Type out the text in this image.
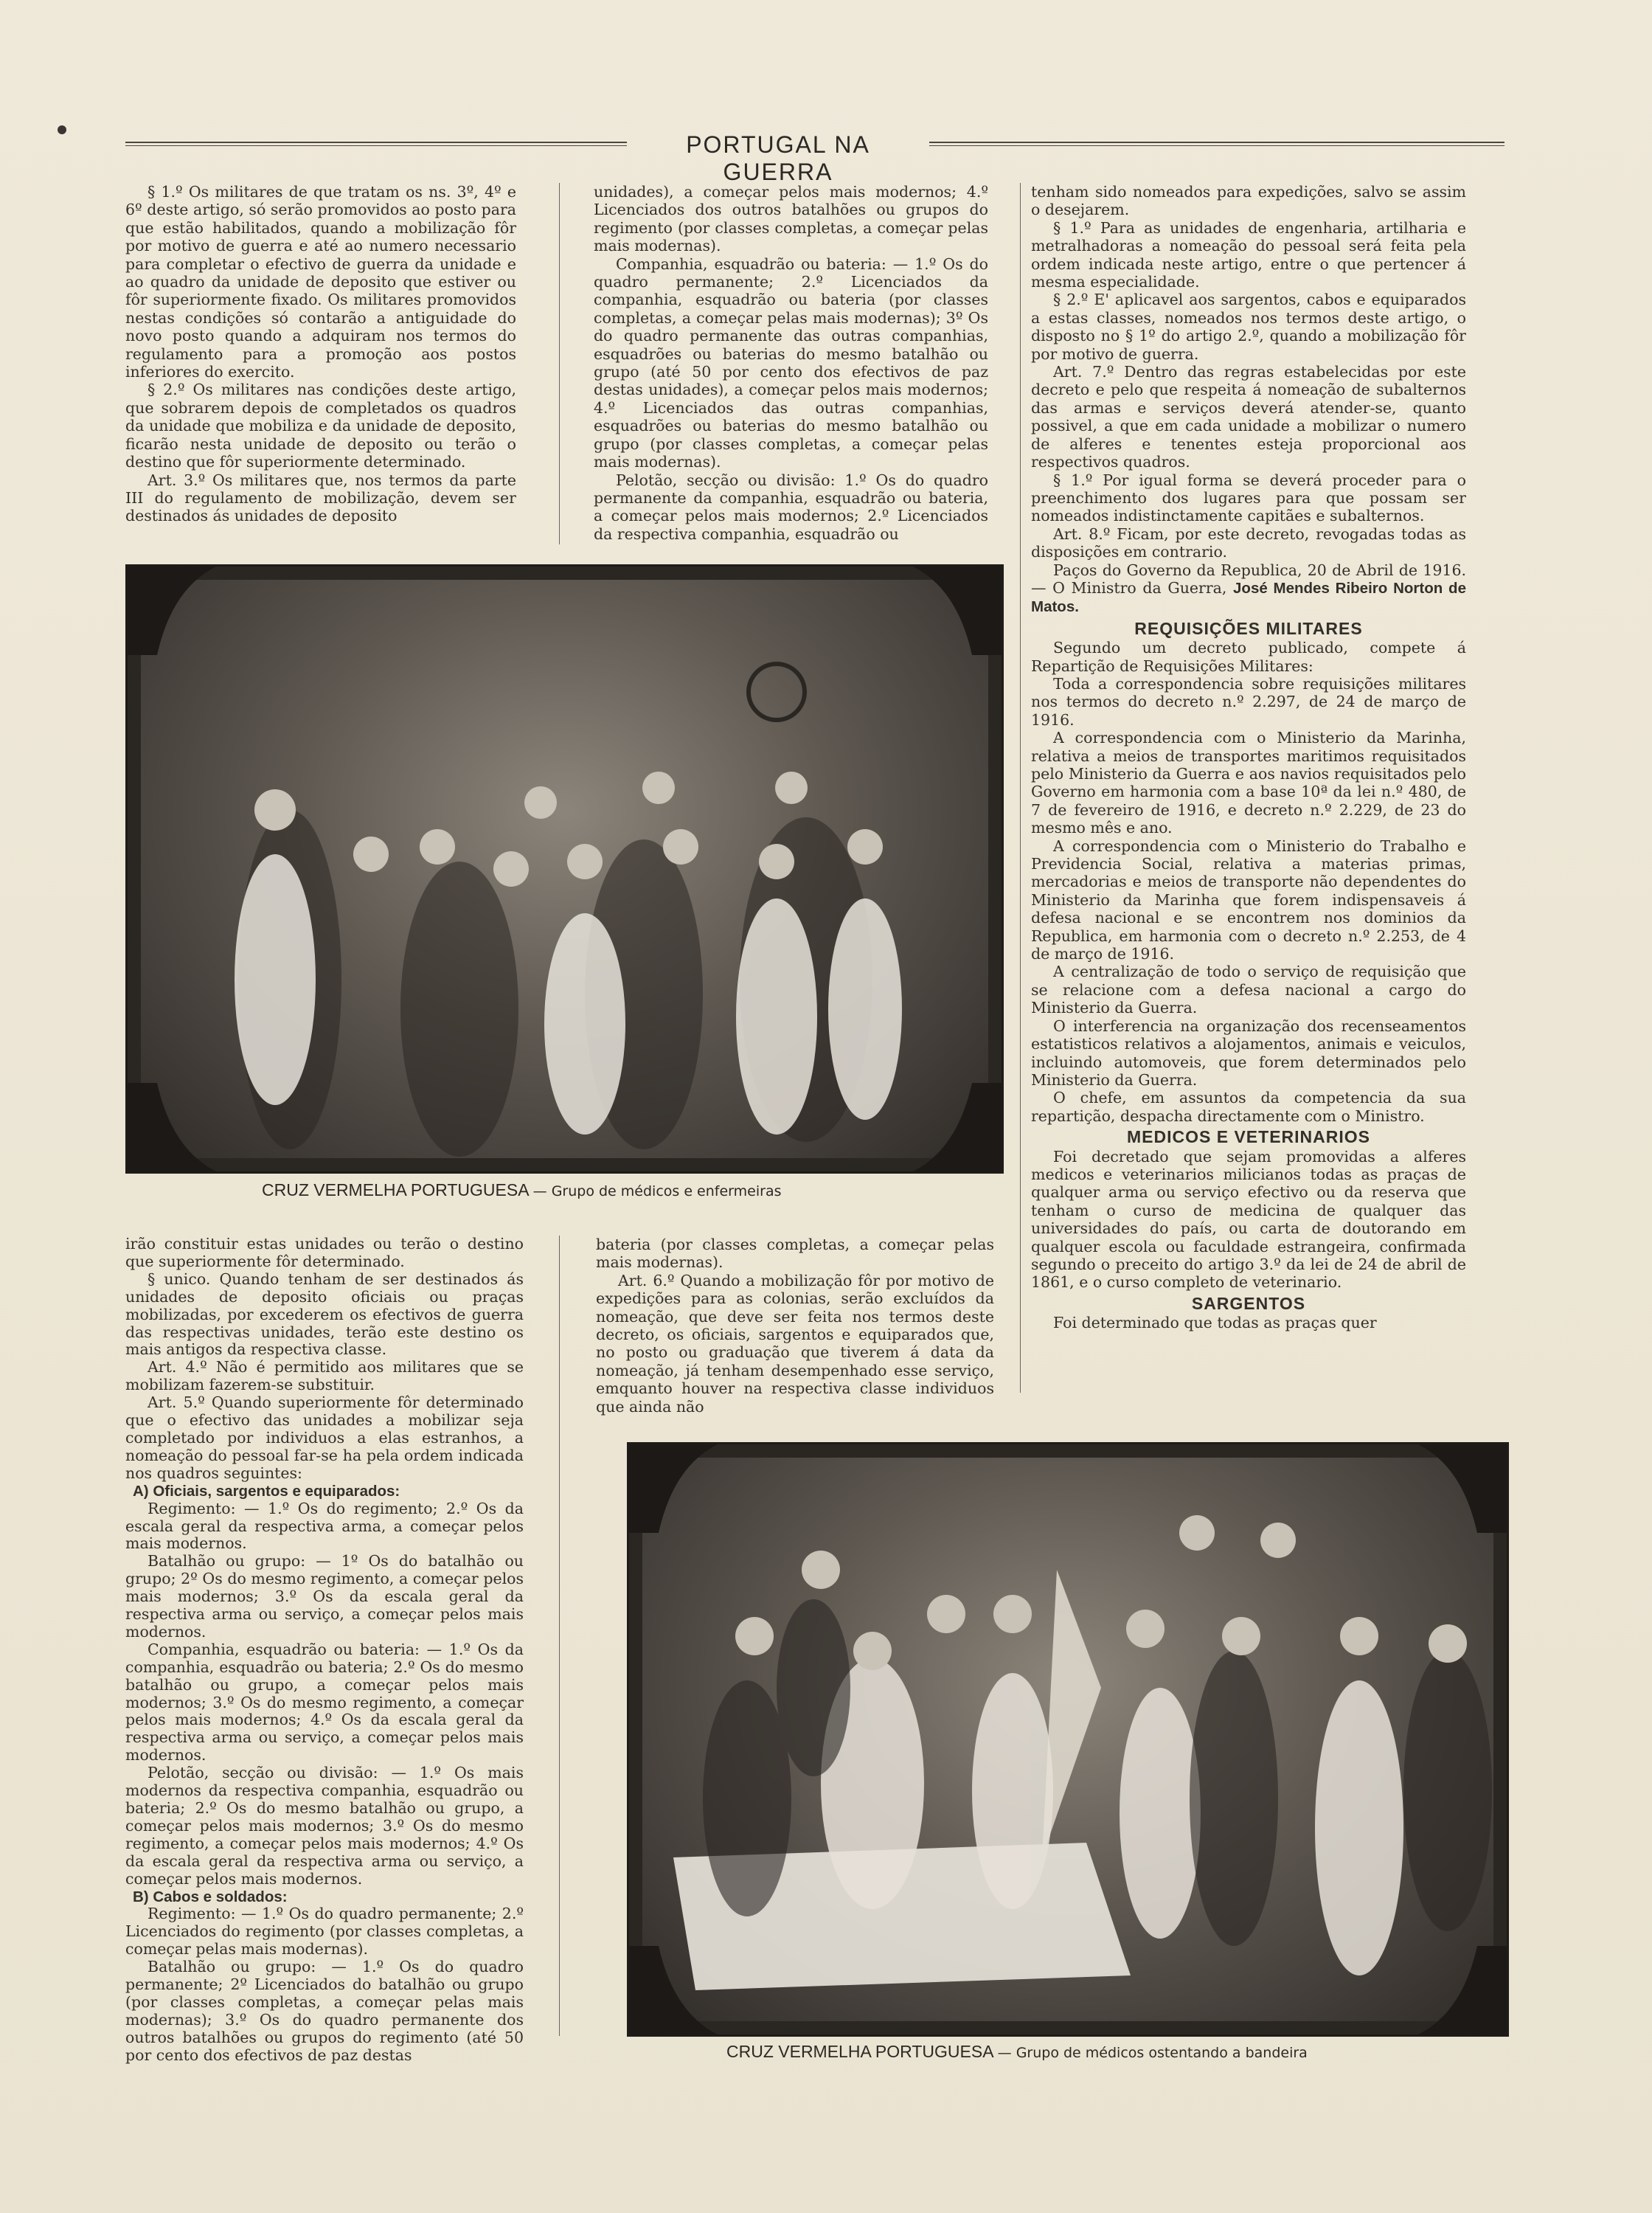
PORTUGAL NA GUERRA

§ 1.º Os militares de que tratam os ns. 3º, 4º e 6º deste artigo, só serão promovidos ao posto para que estão habilitados, quando a mobilização fôr por motivo de guerra e até ao numero necessario para completar o efectivo de guerra da unidade e ao quadro da unidade de deposito que estiver ou fôr superiormente fixado. Os militares promovidos nestas condições só contarão a antiguidade do novo posto quando a adquiram nos termos do regulamento para a promoção aos postos inferiores do exercito.

§ 2.º Os militares nas condições deste artigo, que sobrarem depois de completados os quadros da unidade que mobiliza e da unidade de deposito, ficarão nesta unidade de deposito ou terão o destino que fôr superiormente determinado.

Art. 3.º Os militares que, nos termos da parte III do regulamento de mobilização, devem ser destinados ás unidades de deposito

unidades), a começar pelos mais modernos; 4.º Licenciados dos outros batalhões ou grupos do regimento (por classes completas, a começar pelas mais modernas).

Companhia, esquadrão ou bateria: — 1.º Os do quadro permanente; 2.º Licenciados da companhia, esquadrão ou bateria (por classes completas, a começar pelas mais modernas); 3º Os do quadro permanente das outras companhias, esquadrões ou baterias do mesmo batalhão ou grupo (até 50 por cento dos efectivos de paz destas unidades), a começar pelos mais modernos; 4.º Licenciados das outras companhias, esquadrões ou baterias do mesmo batalhão ou grupo (por classes completas, a começar pelas mais modernas).

Pelotão, secção ou divisão: 1.º Os do quadro permanente da companhia, esquadrão ou bateria, a começar pelos mais modernos; 2.º Licenciados da respectiva companhia, esquadrão ou

tenham sido nomeados para expedições, salvo se assim o desejarem.

§ 1.º Para as unidades de engenharia, artilharia e metralhadoras a nomeação do pessoal será feita pela ordem indicada neste artigo, entre o que pertencer á mesma especialidade.

§ 2.º E' aplicavel aos sargentos, cabos e equiparados a estas classes, nomeados nos termos deste artigo, o disposto no § 1º do artigo 2.º, quando a mobilização fôr por motivo de guerra.

Art. 7.º Dentro das regras estabelecidas por este decreto e pelo que respeita á nomeação de subalternos das armas e serviços deverá atender-se, quanto possivel, a que em cada unidade a mobilizar o numero de alferes e tenentes esteja proporcional aos respectivos quadros.

§ 1.º Por igual forma se deverá proceder para o preenchimento dos lugares para que possam ser nomeados indistinctamente capitães e subalternos.

Art. 8.º Ficam, por este decreto, revogadas todas as disposições em contrario.

Paços do Governo da Republica, 20 de Abril de 1916. — O Ministro da Guerra, José Mendes Ribeiro Norton de Matos.

REQUISIÇÕES MILITARES

Segundo um decreto publicado, compete á Repartição de Requisições Militares:

Toda a correspondencia sobre requisições militares nos termos do decreto n.º 2.297, de 24 de março de 1916.

A correspondencia com o Ministerio da Marinha, relativa a meios de transportes maritimos requisitados pelo Ministerio da Guerra e aos navios requisitados pelo Governo em harmonia com a base 10ª da lei n.º 480, de 7 de fevereiro de 1916, e decreto n.º 2.229, de 23 do mesmo mês e ano.

A correspondencia com o Ministerio do Trabalho e Previdencia Social, relativa a materias primas, mercadorias e meios de transporte não dependentes do Ministerio da Marinha que forem indispensaveis á defesa nacional e se encontrem nos dominios da Republica, em harmonia com o decreto n.º 2.253, de 4 de março de 1916.

A centralização de todo o serviço de requisição que se relacione com a defesa nacional a cargo do Ministerio da Guerra.

O interferencia na organização dos recenseamentos estatisticos relativos a alojamentos, animais e veiculos, incluindo automoveis, que forem determinados pelo Ministerio da Guerra.

O chefe, em assuntos da competencia da sua repartição, despacha directamente com o Ministro.

MEDICOS E VETERINARIOS

Foi decretado que sejam promovidas a alferes medicos e veterinarios milicianos todas as praças de qualquer arma ou serviço efectivo ou da reserva que tenham o curso de medicina de qualquer das universidades do país, ou carta de doutorando em qualquer escola ou faculdade estrangeira, confirmada segundo o preceito do artigo 3.º da lei de 24 de abril de 1861, e o curso completo de veterinario.

SARGENTOS

Foi determinado que todas as praças quer

CRUZ VERMELHA PORTUGUESA — Grupo de médicos e enfermeiras

irão constituir estas unidades ou terão o destino que superiormente fôr determinado.

§ unico. Quando tenham de ser destinados ás unidades de deposito oficiais ou praças mobilizadas, por excederem os efectivos de guerra das respectivas unidades, terão este destino os mais antigos da respectiva classe.

Art. 4.º Não é permitido aos militares que se mobilizam fazerem-se substituir.

Art. 5.º Quando superiormente fôr determinado que o efectivo das unidades a mobilizar seja completado por individuos a elas estranhos, a nomeação do pessoal far-se ha pela ordem indicada nos quadros seguintes:

A) Oficiais, sargentos e equiparados:

Regimento: — 1.º Os do regimento; 2.º Os da escala geral da respectiva arma, a começar pelos mais modernos.

Batalhão ou grupo: — 1º Os do batalhão ou grupo; 2º Os do mesmo regimento, a começar pelos mais modernos; 3.º Os da escala geral da respectiva arma ou serviço, a começar pelos mais modernos.

Companhia, esquadrão ou bateria: — 1.º Os da companhia, esquadrão ou bateria; 2.º Os do mesmo batalhão ou grupo, a começar pelos mais modernos; 3.º Os do mesmo regimento, a começar pelos mais modernos; 4.º Os da escala geral da respectiva arma ou serviço, a começar pelos mais modernos.

Pelotão, secção ou divisão: — 1.º Os mais modernos da respectiva companhia, esquadrão ou bateria; 2.º Os do mesmo batalhão ou grupo, a começar pelos mais modernos; 3.º Os do mesmo regimento, a começar pelos mais modernos; 4.º Os da escala geral da respectiva arma ou serviço, a começar pelos mais modernos.

B) Cabos e soldados:

Regimento: — 1.º Os do quadro permanente; 2.º Licenciados do regimento (por classes completas, a começar pelas mais modernas).

Batalhão ou grupo: — 1.º Os do quadro permanente; 2º Licenciados do batalhão ou grupo (por classes completas, a começar pelas mais modernas); 3.º Os do quadro permanente dos outros batalhões ou grupos do regimento (até 50 por cento dos efectivos de paz destas

bateria (por classes completas, a começar pelas mais modernas).

Art. 6.º Quando a mobilização fôr por motivo de expedições para as colonias, serão excluídos da nomeação, que deve ser feita nos termos deste decreto, os oficiais, sargentos e equiparados que, no posto ou graduação que tiverem á data da nomeação, já tenham desempenhado esse serviço, emquanto houver na respectiva classe individuos que ainda não

CRUZ VERMELHA PORTUGUESA — Grupo de médicos ostentando a bandeira
